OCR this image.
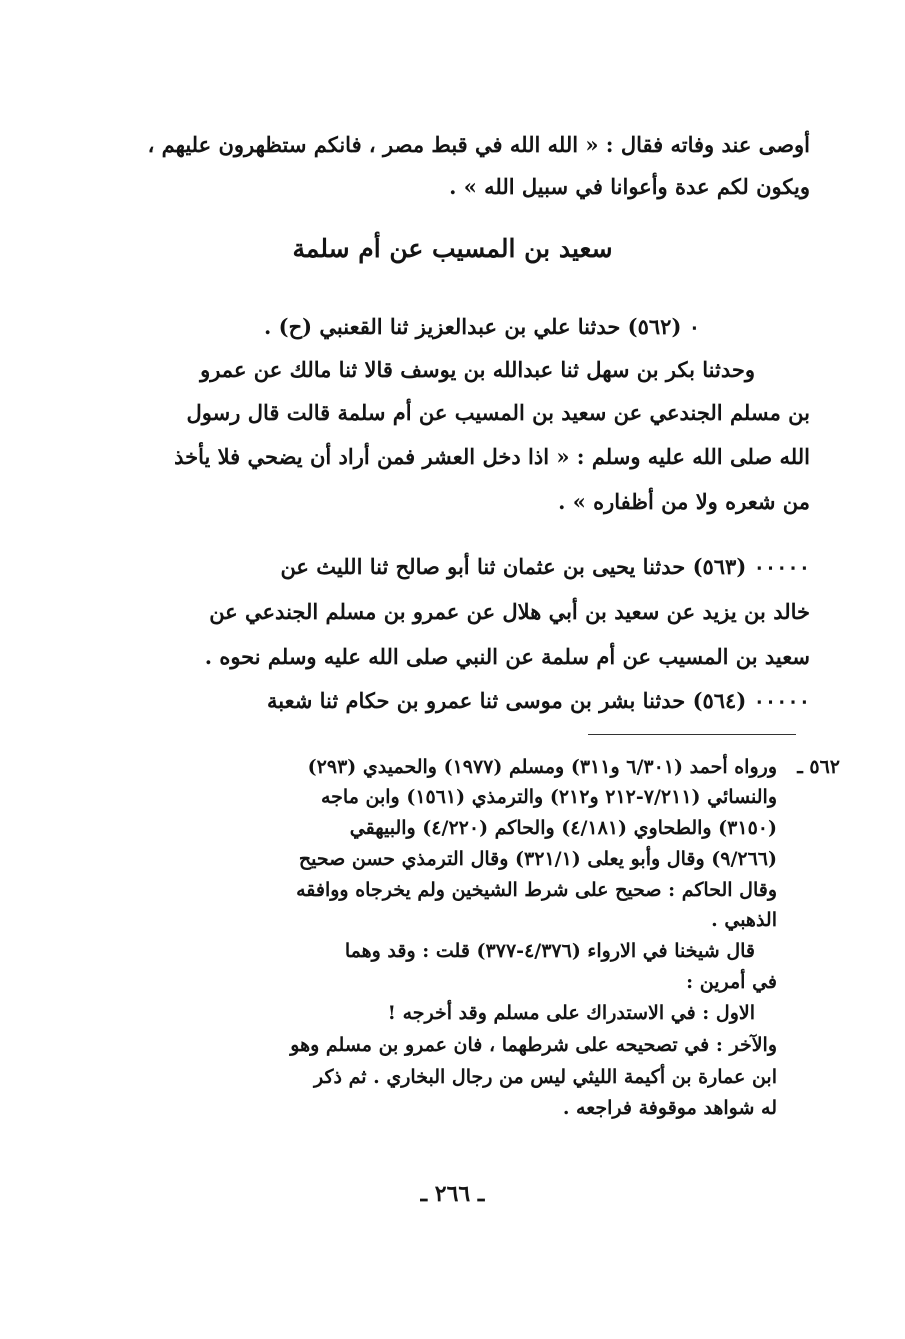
أوصى عند وفاته فقال : « الله الله في قبط مصر ، فانكم ستظهرون عليهم ،
ويكون لكم عدة وأعوانا في سبيل الله » .
سعيد بن المسيب عن أم سلمة
٠ (٥٦٢) حدثنا علي بن عبدالعزيز ثنا القعنبي (ح) .
وحدثنا بكر بن سهل ثنا عبدالله بن يوسف قالا ثنا مالك عن عمرو
بن مسلم الجندعي عن سعيد بن المسيب عن أم سلمة قالت قال رسول
الله صلى الله عليه وسلم : « اذا دخل العشر فمن أراد أن يضحي فلا يأخذ
من شعره ولا من أظفاره » .
٠٠٠٠٠ (٥٦٣) حدثنا يحيى بن عثمان ثنا أبو صالح ثنا الليث عن
خالد بن يزيد عن سعيد بن أبي هلال عن عمرو بن مسلم الجندعي عن
سعيد بن المسيب عن أم سلمة عن النبي صلى الله عليه وسلم نحوه .
٠٠٠٠٠ (٥٦٤) حدثنا بشر بن موسى ثنا عمرو بن حكام ثنا شعبة
٥٦٢ ـ
ورواه أحمد (٦/٣٠١ و٣١١) ومسلم (١٩٧٧) والحميدي (٢٩٣)
والنسائي (٧/٢١١-٢١٢ و٢١٢) والترمذي (١٥٦١) وابن ماجه
(٣١٥٠) والطحاوي (٤/١٨١) والحاكم (٤/٢٢٠) والبيهقي
(٩/٢٦٦) وقال وأبو يعلى (٣٢١/١) وقال الترمذي حسن صحيح
وقال الحاكم : صحيح على شرط الشيخين ولم يخرجاه ووافقه
الذهبي .
قال شيخنا في الارواء (٤/٣٧٦-٣٧٧) قلت : وقد وهما
في أمرين :
الاول : في الاستدراك على مسلم وقد أخرجه !
والآخر : في تصحيحه على شرطهما ، فان عمرو بن مسلم وهو
ابن عمارة بن أكيمة الليثي ليس من رجال البخاري . ثم ذكر
له شواهد موقوفة فراجعه .
ـ ٢٦٦ ـ
